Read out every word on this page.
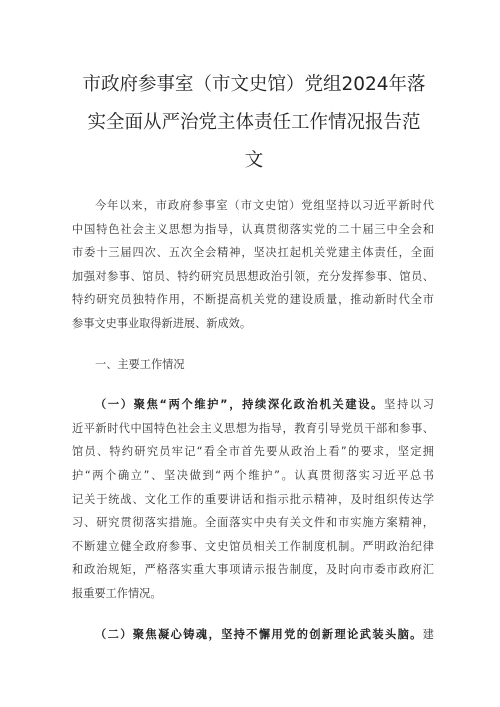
市政府参事室（市文史馆）党组2024年落
实全面从严治党主体责任工作情况报告范
文
今年以来，市政府参事室（市文史馆）党组坚持以习近平新时代
中国特色社会主义思想为指导，认真贯彻落实党的二十届三中全会和
市委十三届四次、五次全会精神，坚决扛起机关党建主体责任，全面
加强对参事、馆员、特约研究员思想政治引领，充分发挥参事、馆员、
特约研究员独特作用，不断提高机关党的建设质量，推动新时代全市
参事文史事业取得新进展、新成效。
一、主要工作情况
（一）聚焦“两个维护”，持续深化政治机关建设。坚持以习
近平新时代中国特色社会主义思想为指导，教育引导党员干部和参事、
馆员、特约研究员牢记“看全市首先要从政治上看”的要求，坚定拥
护“两个确立”、坚决做到“两个维护”。认真贯彻落实习近平总书
记关于统战、文化工作的重要讲话和指示批示精神，及时组织传达学
习、研究贯彻落实措施。全面落实中央有关文件和市实施方案精神，
不断建立健全政府参事、文史馆员相关工作制度机制。严明政治纪律
和政治规矩，严格落实重大事项请示报告制度，及时向市委市政府汇
报重要工作情况。
（二）聚焦凝心铸魂，坚持不懈用党的创新理论武装头脑。建
